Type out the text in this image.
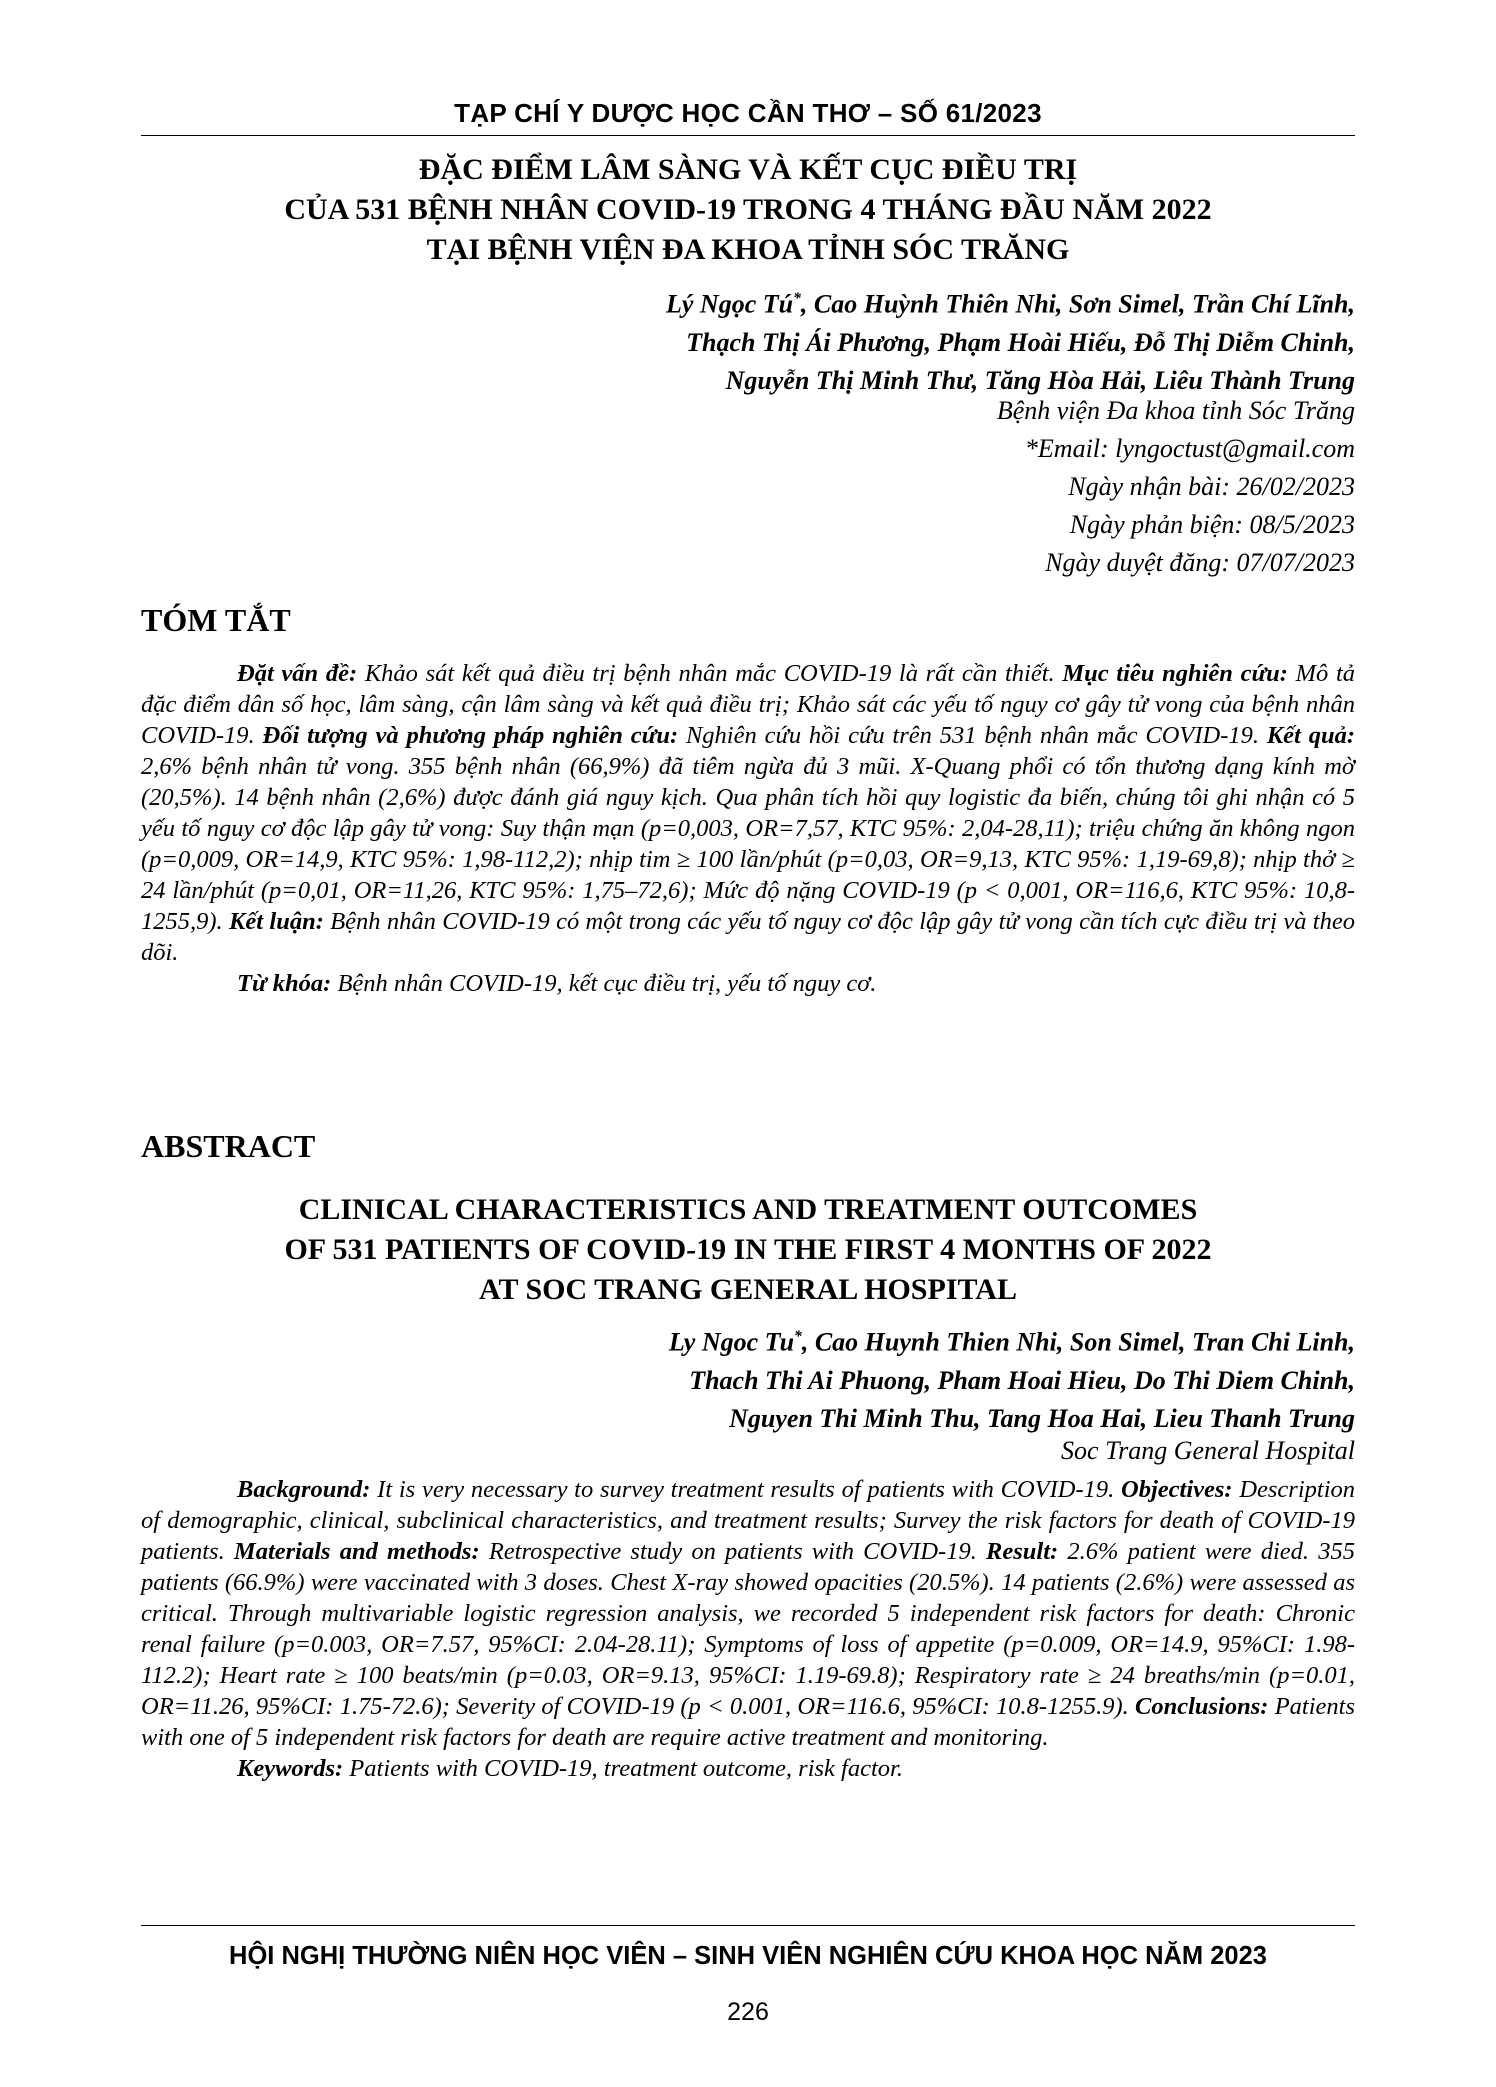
TẠP CHÍ Y DƯỢC HỌC CẦN THƠ – SỐ 61/2023
ĐẶC ĐIỂM LÂM SÀNG VÀ KẾT CỤC ĐIỀU TRỊ
CỦA 531 BỆNH NHÂN COVID-19 TRONG 4 THÁNG ĐẦU NĂM 2022
TẠI BỆNH VIỆN ĐA KHOA TỈNH SÓC TRĂNG
Lý Ngọc Tú*, Cao Huỳnh Thiên Nhi, Sơn Simel, Trần Chí Lĩnh,
Thạch Thị Ái Phương, Phạm Hoài Hiếu, Đỗ Thị Diễm Chinh,
Nguyễn Thị Minh Thư, Tăng Hòa Hải, Liêu Thành Trung
Bệnh viện Đa khoa tỉnh Sóc Trăng
*Email: lyngoctust@gmail.com
Ngày nhận bài: 26/02/2023
Ngày phản biện: 08/5/2023
Ngày duyệt đăng: 07/07/2023
TÓM TẮT

Đặt vấn đề: Khảo sát kết quả điều trị bệnh nhân mắc COVID-19 là rất cần thiết. Mục tiêu nghiên cứu: Mô tả đặc điểm dân số học, lâm sàng, cận lâm sàng và kết quả điều trị; Khảo sát các yếu tố nguy cơ gây tử vong của bệnh nhân COVID-19. Đối tượng và phương pháp nghiên cứu: Nghiên cứu hồi cứu trên 531 bệnh nhân mắc COVID-19. Kết quả: 2,6% bệnh nhân tử vong. 355 bệnh nhân (66,9%) đã tiêm ngừa đủ 3 mũi. X-Quang phổi có tổn thương dạng kính mờ (20,5%). 14 bệnh nhân (2,6%) được đánh giá nguy kịch. Qua phân tích hồi quy logistic đa biến, chúng tôi ghi nhận có 5 yếu tố nguy cơ độc lập gây tử vong: Suy thận mạn (p=0,003, OR=7,57, KTC 95%: 2,04-28,11); triệu chứng ăn không ngon (p=0,009, OR=14,9, KTC 95%: 1,98-112,2); nhịp tim ≥ 100 lần/phút (p=0,03, OR=9,13, KTC 95%: 1,19-69,8); nhịp thở ≥ 24 lần/phút (p=0,01, OR=11,26, KTC 95%: 1,75–72,6); Mức độ nặng COVID-19 (p < 0,001, OR=116,6, KTC 95%: 10,8-1255,9). Kết luận: Bệnh nhân COVID-19 có một trong các yếu tố nguy cơ độc lập gây tử vong cần tích cực điều trị và theo dõi.

Từ khóa: Bệnh nhân COVID-19, kết cục điều trị, yếu tố nguy cơ.

ABSTRACT
CLINICAL CHARACTERISTICS AND TREATMENT OUTCOMES
OF 531 PATIENTS OF COVID-19 IN THE FIRST 4 MONTHS OF 2022
AT SOC TRANG GENERAL HOSPITAL
Ly Ngoc Tu*, Cao Huynh Thien Nhi, Son Simel, Tran Chi Linh,
Thach Thi Ai Phuong, Pham Hoai Hieu, Do Thi Diem Chinh,
Nguyen Thi Minh Thu, Tang Hoa Hai, Lieu Thanh Trung
Soc Trang General Hospital

Background: It is very necessary to survey treatment results of patients with COVID-19. Objectives: Description of demographic, clinical, subclinical characteristics, and treatment results; Survey the risk factors for death of COVID-19 patients. Materials and methods: Retrospective study on patients with COVID-19. Result: 2.6% patient were died. 355 patients (66.9%) were vaccinated with 3 doses. Chest X-ray showed opacities (20.5%). 14 patients (2.6%) were assessed as critical. Through multivariable logistic regression analysis, we recorded 5 independent risk factors for death: Chronic renal failure (p=0.003, OR=7.57, 95%CI: 2.04-28.11); Symptoms of loss of appetite (p=0.009, OR=14.9, 95%CI: 1.98-112.2); Heart rate ≥ 100 beats/min (p=0.03, OR=9.13, 95%CI: 1.19-69.8); Respiratory rate ≥ 24 breaths/min (p=0.01, OR=11.26, 95%CI: 1.75-72.6); Severity of COVID-19 (p < 0.001, OR=116.6, 95%CI: 10.8-1255.9). Conclusions: Patients with one of 5 independent risk factors for death are require active treatment and monitoring.

Keywords: Patients with COVID-19, treatment outcome, risk factor.

HỘI NGHỊ THƯỜNG NIÊN HỌC VIÊN – SINH VIÊN NGHIÊN CỨU KHOA HỌC NĂM 2023
226
